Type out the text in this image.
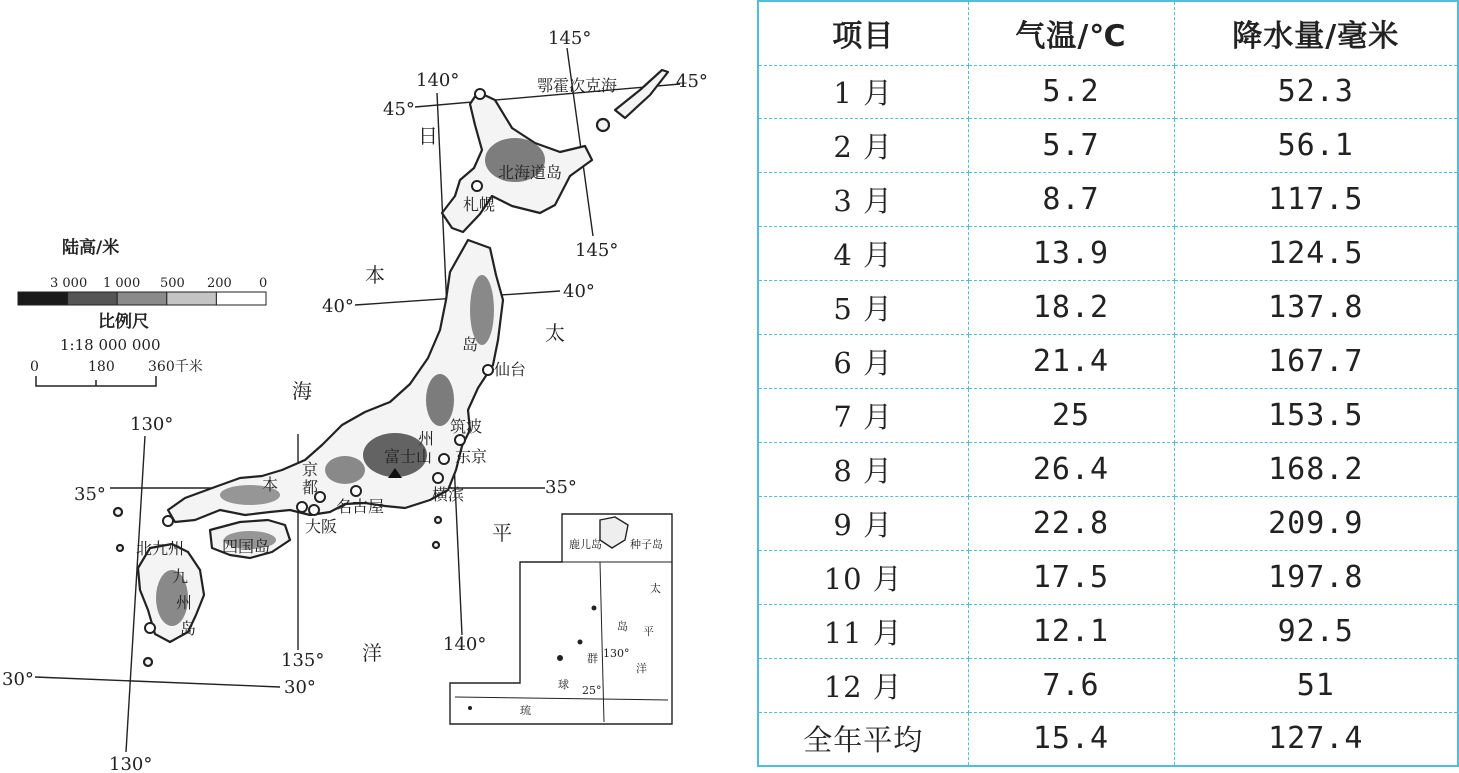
日
本
海
太
平
洋
鄂霍次克海
北海道岛
札幌
岛
仙台
筑波
州
富士山 东京
横滨
名古屋
京
都
大阪
本
四国岛
北九州
九
州
岛
45°
45°
40°
40°
35°	35°
30°	30°
140°
140°
145°
145°
130°
130°
135°
陆高/米
3 000 1 000 500 200 0
比例尺
1:18 000 000
0	180 360千米
鹿儿岛	种子岛
太
平
洋
岛
群
球
琉
130°
25°
项目	气温/℃	降水量/毫米
1 月	5.2	52.3
2 月	5.7	56.1
3 月	8.7	117.5
4 月	13.9	124.5
5 月	18.2	137.8
6 月	21.4	167.7
7 月	25	153.5
8 月	26.4	168.2
9 月	22.8	209.9
10 月	17.5	197.8
11 月	12.1	92.5
12 月	7.6	51
全年平均	15.4	127.4
